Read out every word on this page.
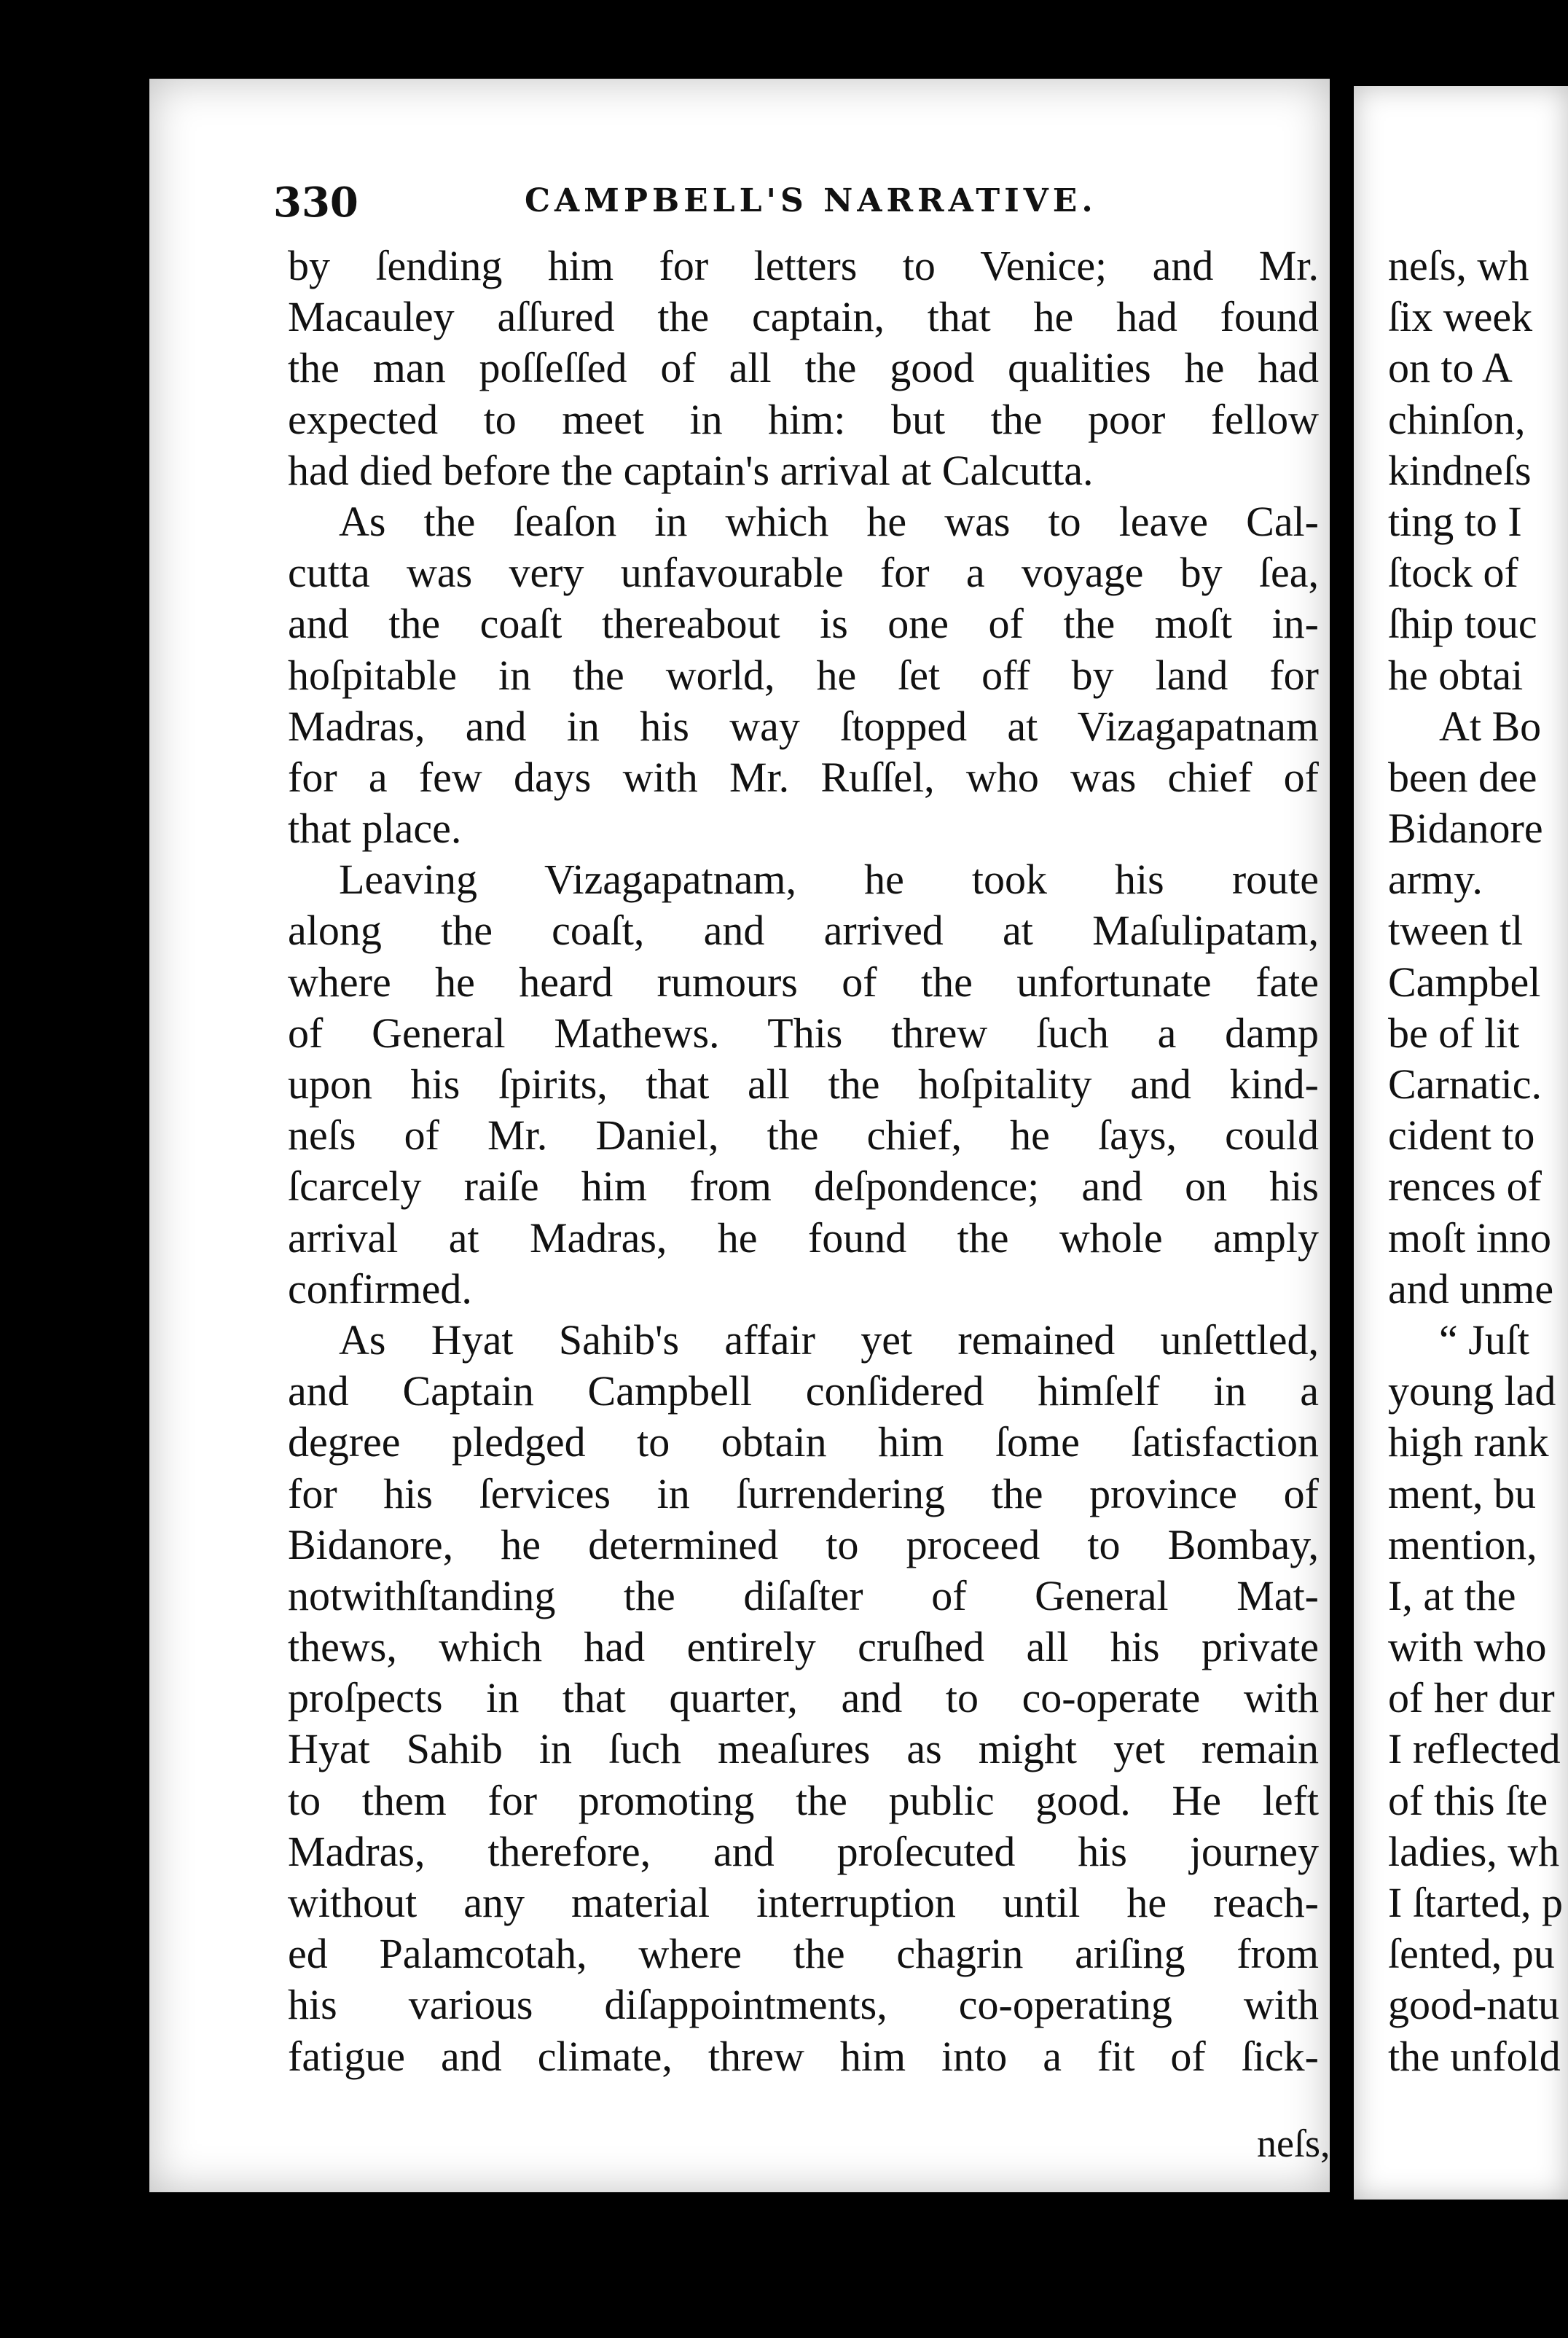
330	CAMPBELL'S NARRATIVE.
by ſending him for letters to Venice; and Mr.
Macauley aſſured the captain, that he had found
the man poſſeſſed of all the good qualities he had
expected to meet in him: but the poor fellow
had died before the captain's arrival at Calcutta.
As the ſeaſon in which he was to leave Cal-
cutta was very unfavourable for a voyage by ſea,
and the coaſt thereabout is one of the moſt in-
hoſpitable in the world, he ſet off by land for
Madras, and in his way ſtopped at Vizagapatnam
for a few days with Mr. Ruſſel, who was chief of
that place.
Leaving Vizagapatnam, he took his route
along the coaſt, and arrived at Maſulipatam,
where he heard rumours of the unfortunate fate
of General Mathews. This threw ſuch a damp
upon his ſpirits, that all the hoſpitality and kind-
neſs of Mr. Daniel, the chief, he ſays, could
ſcarcely raiſe him from deſpondence; and on his
arrival at Madras, he found the whole amply
confirmed.
As Hyat Sahib's affair yet remained unſettled,
and Captain Campbell conſidered himſelf in a
degree pledged to obtain him ſome ſatisfaction
for his ſervices in ſurrendering the province of
Bidanore, he determined to proceed to Bombay,
notwithſtanding the diſaſter of General Mat-
thews, which had entirely cruſhed all his private
proſpects in that quarter, and to co-operate with
Hyat Sahib in ſuch meaſures as might yet remain
to them for promoting the public good. He left
Madras, therefore, and proſecuted his journey
without any material interruption until he reach-
ed Palamcotah, where the chagrin ariſing from
his various diſappointments, co-operating with
fatigue and climate, threw him into a fit of ſick-
neſs,
neſs, wh
ſix week
on to A
chinſon,
kindneſs
ting to I
ſtock of
ſhip touc
he obtai
At Bo
been dee
Bidanore
army.
tween tl
Campbel
be of lit
Carnatic.
cident to
rences of
moſt inno
and unme
“ Juſt
young lad
high rank
ment, bu
mention,
I, at the
with who
of her dur
I reflected
of this ſte
ladies, wh
I ſtarted, p
ſented, pu
good-natu
the unfold
